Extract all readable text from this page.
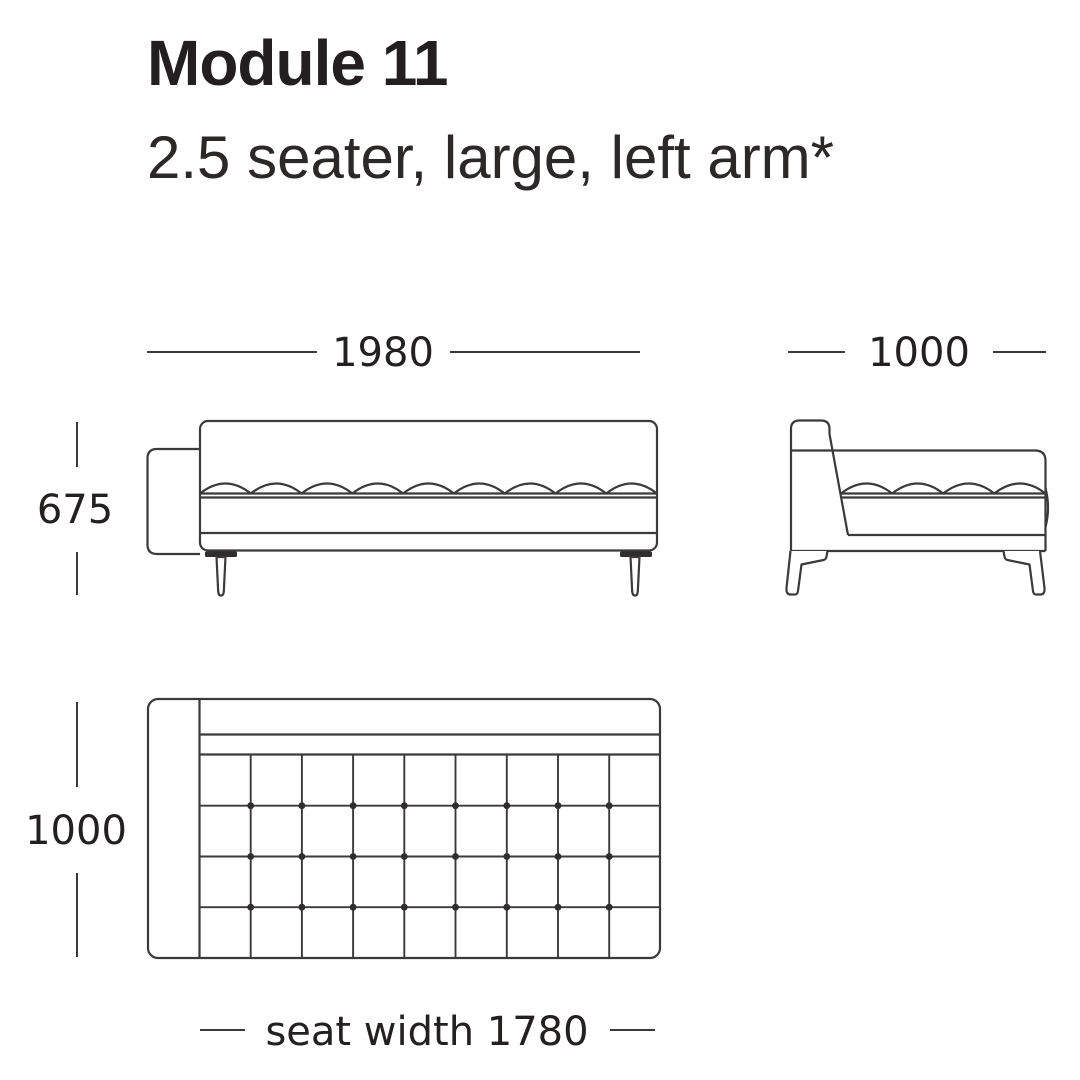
Module 11
2.5 seater, large, left arm*
1980	1000
675
1000
seat width 1780
